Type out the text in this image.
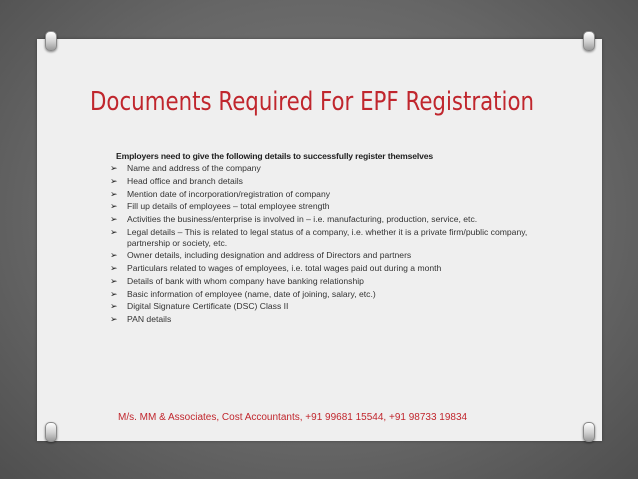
Documents Required For EPF Registration

Employers need to give the following details to successfully register themselves

➢ Name and address of the company
➢ Head office and branch details
➢ Mention date of incorporation/registration of company
➢ Fill up details of employees – total employee strength
➢ Activities the business/enterprise is involved in – i.e. manufacturing, production, service, etc.
➢ Legal details – This is related to legal status of a company, i.e. whether it is a private firm/public company, partnership or society, etc.
➢ Owner details, including designation and address of Directors and partners
➢ Particulars related to wages of employees, i.e. total wages paid out during a month
➢ Details of bank with whom company have banking relationship
➢ Basic information of employee (name, date of joining, salary, etc.)
➢ Digital Signature Certificate (DSC) Class II
➢ PAN details

M/s. MM & Associates, Cost Accountants, +91 99681 15544, +91 98733 19834
